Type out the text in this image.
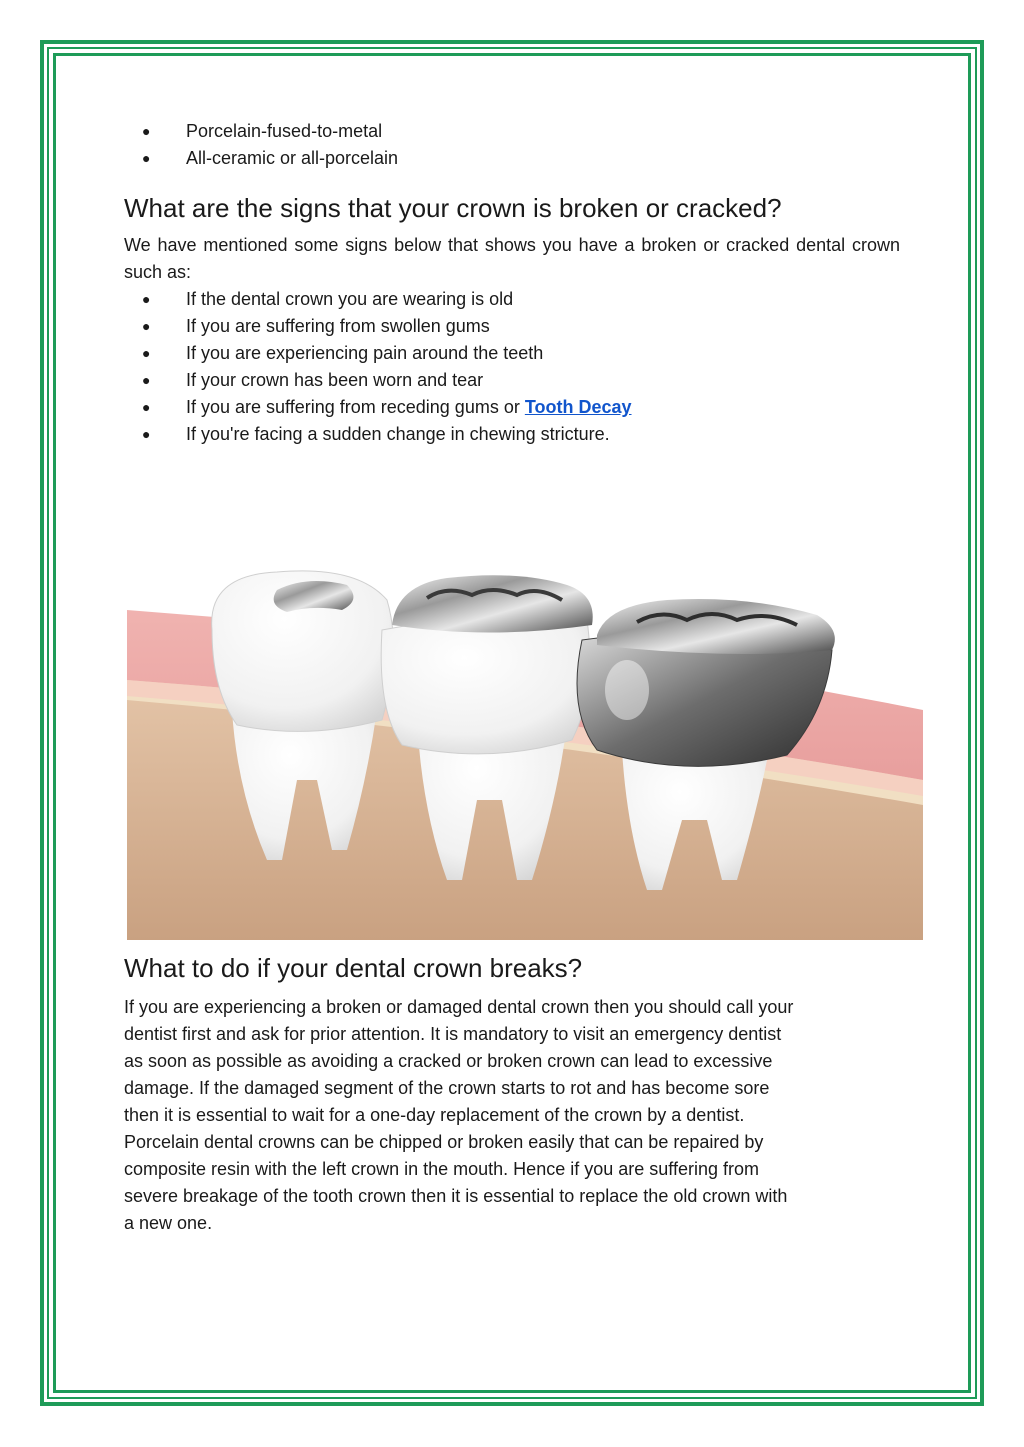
● Porcelain-fused-to-metal
● All-ceramic or all-porcelain
What are the signs that your crown is broken or cracked?

We have mentioned some signs below that shows you have a broken or cracked dental crown such as:

● If the dental crown you are wearing is old
● If you are suffering from swollen gums
● If you are experiencing pain around the teeth
● If your crown has been worn and tear
● If you are suffering from receding gums or Tooth Decay
● If you're facing a sudden change in chewing stricture.
What to do if your dental crown breaks?

If you are experiencing a broken or damaged dental crown then you should call your

dentist first and ask for prior attention. It is mandatory to visit an emergency dentist

as soon as possible as avoiding a cracked or broken crown can lead to excessive

damage. If the damaged segment of the crown starts to rot and has become sore

then it is essential to wait for a one-day replacement of the crown by a dentist.

Porcelain dental crowns can be chipped or broken easily that can be repaired by

composite resin with the left crown in the mouth. Hence if you are suffering from

severe breakage of the tooth crown then it is essential to replace the old crown with

a new one.
